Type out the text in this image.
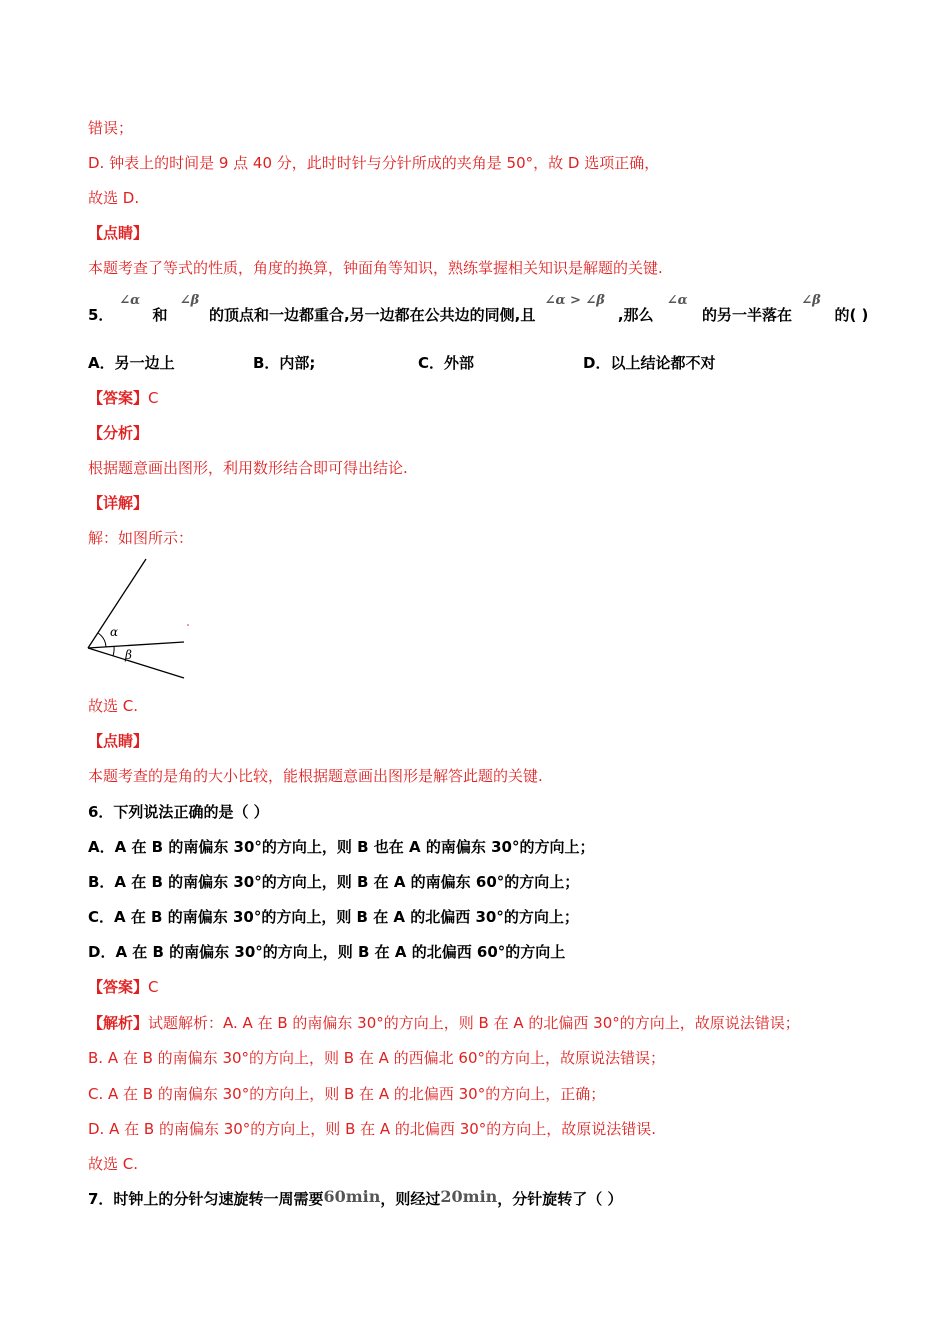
错误；
D. 钟表上的时间是 9 点 40 分，此时时针与分针所成的夹角是 50°，故 D 选项正确，
故选 D.
【点睛】
本题考查了等式的性质，角度的换算，钟面角等知识，熟练掌握相关知识是解题的关键.
5． ∠α 和 ∠β 的顶点和一边都重合,另一边都在公共边的同侧,且 ∠α > ∠β ,那么 ∠α 的另一半落在 ∠β 的( )
A．另一边上	B．内部;	C．外部	D．以上结论都不对
【答案】C
【分析】
根据题意画出图形，利用数形结合即可得出结论.
【详解】
解：如图所示：
α
β
故选 C.
【点睛】
本题考查的是角的大小比较，能根据题意画出图形是解答此题的关键.
6．下列说法正确的是（ ）
A．A 在 B 的南偏东 30°的方向上，则 B 也在 A 的南偏东 30°的方向上；
B．A 在 B 的南偏东 30°的方向上，则 B 在 A 的南偏东 60°的方向上；
C．A 在 B 的南偏东 30°的方向上，则 B 在 A 的北偏西 30°的方向上；
D．A 在 B 的南偏东 30°的方向上，则 B 在 A 的北偏西 60°的方向上
【答案】C
【解析】试题解析：A. A 在 B 的南偏东 30°的方向上，则 B 在 A 的北偏西 30°的方向上，故原说法错误；
B. A 在 B 的南偏东 30°的方向上，则 B 在 A 的西偏北 60°的方向上，故原说法错误；
C. A 在 B 的南偏东 30°的方向上，则 B 在 A 的北偏西 30°的方向上，正确；
D. A 在 B 的南偏东 30°的方向上，则 B 在 A 的北偏西 30°的方向上，故原说法错误.
故选 C.
7．时钟上的分针匀速旋转一周需要60min，则经过20min，分针旋转了（ ）
